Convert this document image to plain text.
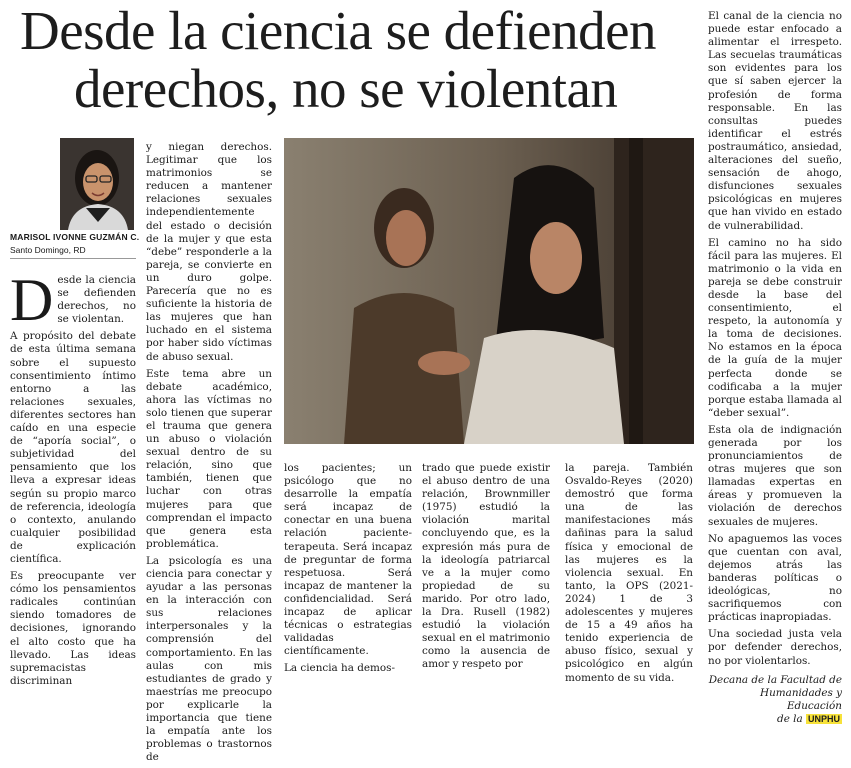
Desde la ciencia se defienden
derechos, no se violentan
MARISOL IVONNE GUZMÁN C.
Santo Domingo, RD

Desde la ciencia se defienden derechos, no se violentan.

A propósito del debate de esta última semana sobre el supuesto consentimiento íntimo entorno a las relaciones sexuales, diferentes sectores han caído en una especie de “aporía social”, o subjetividad del pensamiento que los lleva a expresar ideas según su propio marco de referencia, ideología o contexto, anulando cualquier posibilidad de explicación científica.

Es preocupante ver cómo los pensamientos radicales continúan siendo tomadores de decisiones, ignorando el alto costo que ha llevado. Las ideas supremacistas discriminan

y niegan derechos. Legitimar que los matrimonios se reducen a mantener relaciones sexuales independientemente del estado o decisión de la mujer y que esta “debe” responderle a la pareja, se convierte en un duro golpe. Parecería que no es suficiente la historia de las mujeres que han luchado en el sistema por haber sido víctimas de abuso sexual.

Este tema abre un debate académico, ahora las víctimas no solo tienen que superar el trauma que genera un abuso o violación sexual dentro de su relación, sino que también, tienen que luchar con otras mujeres para que comprendan el impacto que genera esta problemática.

La psicología es una ciencia para conectar y ayudar a las personas en la interacción con sus relaciones interpersonales y la comprensión del comportamiento. En las aulas con mis estudiantes de grado y maestrías me preocupo por explicarle la importancia que tiene la empatía ante los problemas o trastornos de

los pacientes; un psicólogo que no desarrolle la empatía será incapaz de conectar en una buena relación paciente- terapeuta. Será incapaz de preguntar de forma respetuosa. Será incapaz de mantener la confidencialidad. Será incapaz de aplicar técnicas o estrategias validadas científicamente.

La ciencia ha demos-

trado que puede existir el abuso dentro de una relación, Brownmiller (1975) estudió la violación marital concluyendo que, es la expresión más pura de la ideología patriarcal ve a la mujer como propiedad de su marido. Por otro lado, la Dra. Rusell (1982) estudió la violación sexual en el matrimonio como la ausencia de amor y respeto por

la pareja. También Osvaldo-Reyes (2020) demostró que forma una de las manifestaciones más dañinas para la salud física y emocional de las mujeres es la violencia sexual. En tanto, la OPS (2021- 2024) 1 de 3 adolescentes y mujeres de 15 a 49 años ha tenido experiencia de abuso físico, sexual y psicológico en algún momento de su vida.

El canal de la ciencia no puede estar enfocado a alimentar el irrespeto. Las secuelas traumáticas son evidentes para los que sí saben ejercer la profesión de forma responsable. En las consultas puedes identificar el estrés postraumático, ansiedad, alteraciones del sueño, sensación de ahogo, disfunciones sexuales psicológicas en mujeres que han vivido en estado de vulnerabilidad.

El camino no ha sido fácil para las mujeres. El matrimonio o la vida en pareja se debe construir desde la base del consentimiento, el respeto, la autonomía y la toma de decisiones. No estamos en la época de la guía de la mujer perfecta donde se codificaba a la mujer porque estaba llamada al “deber sexual”.

Esta ola de indignación generada por los pronunciamientos de otras mujeres que son llamadas expertas en áreas y promueven la violación de derechos sexuales de mujeres.

No apaguemos las voces que cuentan con aval, dejemos atrás las banderas políticas o ideológicas, no sacrifiquemos con prácticas inapropiadas.

Una sociedad justa vela por defender derechos, no por violentarlos.

Decana de la Facultad de Humanidades y Educación
de la UNPHU
